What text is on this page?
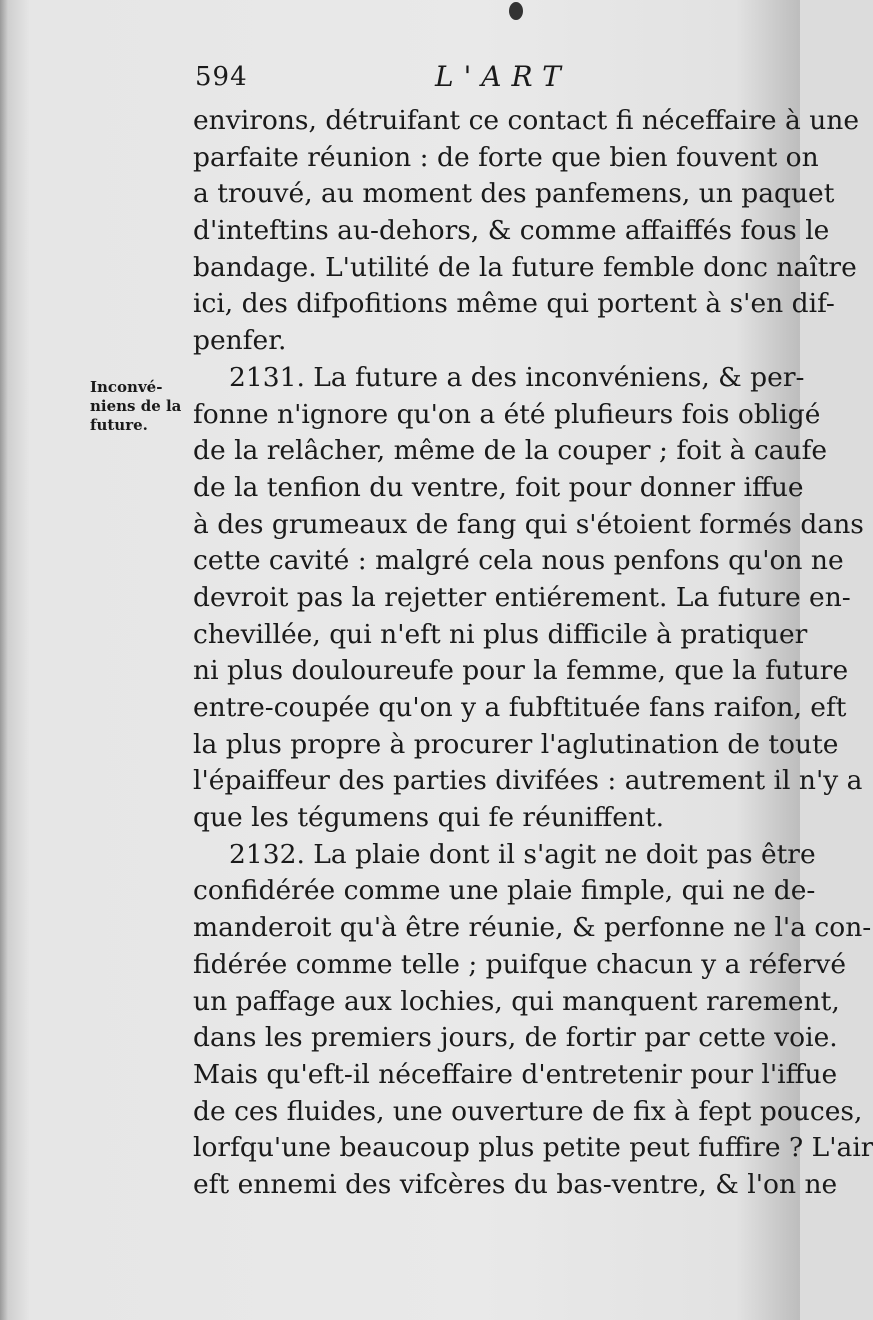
594	L'ART
Inconvé-
niens de la
future.
environs, détruifant ce contact fi néceffaire à une
parfaite réunion : de forte que bien fouvent on
a trouvé, au moment des panfemens, un paquet
d'inteftins au-dehors, & comme affaiffés fous le
bandage. L'utilité de la future femble donc naître
ici, des difpofitions même qui portent à s'en dif-
penfer.
2131. La future a des inconvéniens, & per-
fonne n'ignore qu'on a été plufieurs fois obligé
de la relâcher, même de la couper ; foit à caufe
de la tenfion du ventre, foit pour donner iffue
à des grumeaux de fang qui s'étoient formés dans
cette cavité : malgré cela nous penfons qu'on ne
devroit pas la rejetter entiérement. La future en-
chevillée, qui n'eft ni plus difficile à pratiquer
ni plus douloureufe pour la femme, que la future
entre-coupée qu'on y a fubftituée fans raifon, eft
la plus propre à procurer l'aglutination de toute
l'épaiffeur des parties divifées : autrement il n'y a
que les tégumens qui fe réuniffent.
2132. La plaie dont il s'agit ne doit pas être
confidérée comme une plaie fimple, qui ne de-
manderoit qu'à être réunie, & perfonne ne l'a con-
fidérée comme telle ; puifque chacun y a réfervé
un paffage aux lochies, qui manquent rarement,
dans les premiers jours, de fortir par cette voie.
Mais qu'eft-il néceffaire d'entretenir pour l'iffue
de ces fluides, une ouverture de fix à fept pouces,
lorfqu'une beaucoup plus petite peut fuffire ? L'air
eft ennemi des vifcères du bas-ventre, & l'on ne
